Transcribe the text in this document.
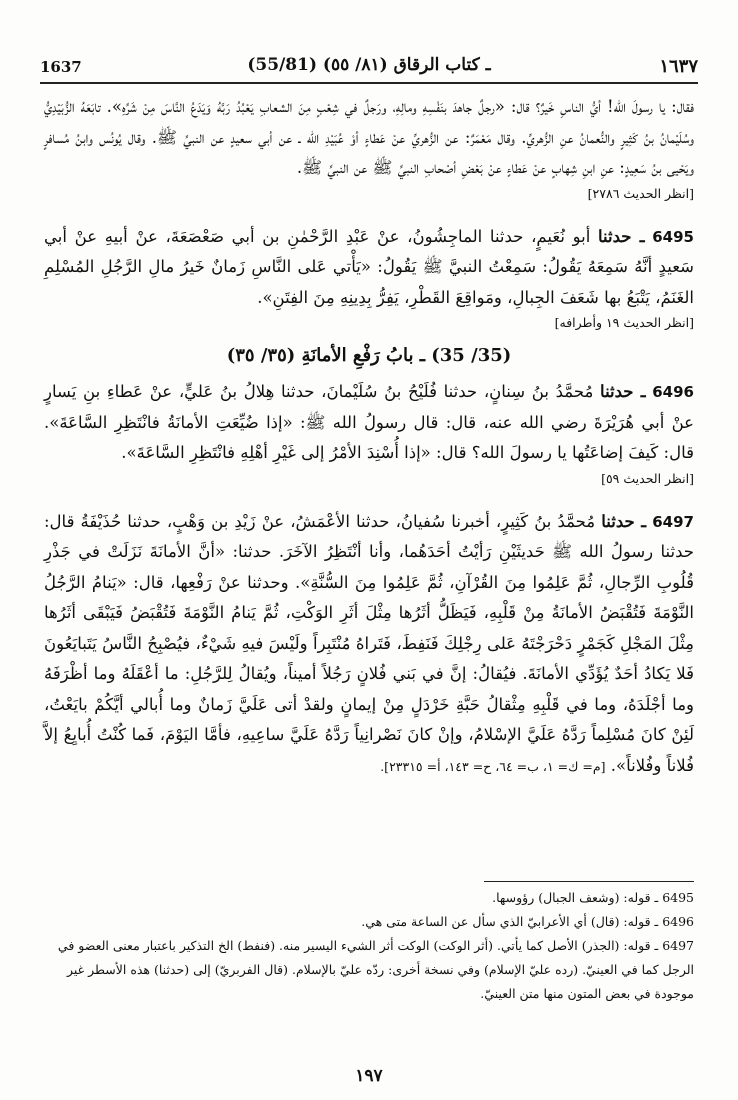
1637	(55/81) ـ كتاب الرقاق (٨١/ ٥٥)	١٦٣٧

فقال: يا رسولَ الله! أيُّ الناسِ خَيرٌ؟ قال: «رجلٌ جاهدَ بنَفْسِهِ ومالِهِ، ورَجلٌ في شِعْبٍ مِنَ الشعابِ يَعْبُدُ رَبَّهُ وَيَدَعُ النَّاسَ مِنْ شَرِّهِ». تابَعَهُ الزُّبَيْدِيُّ وسُلَيْمانُ بنُ كَثِيرٍ والنُّعمانُ عنِ الزُّهريِّ. وقال مَعْمَرٌ: عن الزُّهريِّ عنْ عَطاءٍ أوْ عُبَيْدِ الله ـ عن أبي سعيدٍ عن النبيِّ ﷺ. وقال يُونُس وابنُ مُسافرٍ ويَحْيى بنُ سَعِيدٍ: عنِ ابنِ شِهابٍ عنْ عَطاءٍ عنْ بَعْضِ أصْحابِ النبيِّ ﷺ عن النبيِّ ﷺ.

[انظر الحديث ٢٧٨٦]

6495 ـ حدثنا أبو نُعَيمٍ، حدثنا الماجِشُونُ، عنْ عَبْدِ الرَّحْمٰنِ بن أبي صَعْصَعَةَ، عنْ أبيهِ عنْ أبي سَعيدٍ أنَّهُ سَمِعَهُ يَقُولُ: سَمِعْتُ النبيَّ ﷺ يَقُولُ: «يَأْتي عَلى النَّاسِ زَمانٌ خَيرُ مالِ الرَّجُلِ المُسْلِمِ الغَنَمُ، يَتْبَعُ بها شَعَفَ الجِبالِ، ومَواقِعَ القَطْرِ، يَفِرُّ بِدِينِهِ مِنَ الفِتَنِ».

[انظر الحديث ١٩ وأطرافه]

(35/ 35) ـ بابُ رَفْعِ الأمانَةِ (٣٥/ ٣٥)

6496 ـ حدثنا مُحمَّدُ بنُ سِنانٍ، حدثنا فُلَيْحُ بنُ سُلَيْمانَ، حدثنا هِلالُ بنُ عَليٍّ، عنْ عَطاءِ بنِ يَسارٍ عنْ أبي هُرَيْرَةَ رضي الله عنه، قال: قال رسولُ الله ﷺ: «إذا ضُيِّعَتِ الأمانَةُ فانْتَظِرِ السَّاعَةَ». قال: كَيفَ إضاعَتُها يا رسولَ الله؟ قال: «إذا أُسْنِدَ الأمْرُ إلى غَيْرِ أهْلِهِ فانْتَظِرِ السَّاعَةَ».

[انظر الحديث ٥٩]

6497 ـ حدثنا مُحمَّدُ بنُ كَثِيرٍ، أخبرنا سُفيانُ، حدثنا الأعْمَشُ، عنْ زَيْدِ بن وَهْبٍ، حدثنا حُذَيْفَةُ قال: حدثنا رسولُ الله ﷺ حَديثَيْنِ رَأيْتُ أحَدَهُما، وأنا أنْتَظِرُ الآخَرَ. حدثنا: «أنَّ الأمانَةَ نَزَلَتْ في جَذْرِ قُلُوبِ الرِّجالِ، ثُمَّ عَلِمُوا مِنَ القُرْآنِ، ثُمَّ عَلِمُوا مِنَ السُّنَّةِ». وحدثنا عنْ رَفْعِها، قال: «يَنامُ الرَّجُلُ النَّوْمَةَ فَتُقْبَضُ الأمانَةُ مِنْ قَلْبِهِ، فَيَظَلُّ أثَرُها مِثْلَ أثَرِ الوَكْتِ، ثُمَّ يَنامُ النَّوْمَةَ فَتُقْبَضُ فَيَبْقَى أثَرُها مِثْلَ المَجْلِ كَجَمْرٍ دَحْرَجْتَهُ عَلى رِجْلِكَ فَنَفِطَ، فَتَراهُ مُنْتَبِراً ولَيْسَ فيهِ شَيْءٌ، فيُصْبِحُ النَّاسُ يَتَبايَعُونَ فَلا يَكادُ أحَدٌ يُؤَدِّي الأمانَةَ. فيُقالُ: إنَّ في بَني فُلانٍ رَجُلاً أميناً، ويُقالُ لِلرَّجُلِ: ما أعْقَلَهُ وما أظْرَفَهُ وما أجْلَدَهُ، وما في قَلْبِهِ مِثْقالُ حَبَّةِ خَرْدَلٍ مِنْ إيمانٍ ولقدْ أتى عَلَيَّ زَمانٌ وما أُبالي أيَّكُمْ بايَعْتُ، لَئِنْ كانَ مُسْلِماً رَدَّهُ عَلَيَّ الإسْلامُ، وإنْ كانَ نَصْرانِياً رَدَّهُ عَلَيَّ ساعِيهِ، فأمَّا اليَوْمَ، فَما كُنْتُ أُبايِعُ إلاَّ فُلاناً وفُلاناً». [م= ك= ١، ب= ٦٤، ح= ١٤٣، أ= ٢٣٣١٥].

6495 ـ قوله: (وشعف الجبال) رؤوسها.

6496 ـ قوله: (قال) أي الأعرابيّ الذي سأل عن الساعة متى هي.

6497 ـ قوله: (الجذر) الأصل كما يأتي. (أثر الوكت) الوكت أثر الشيء اليسير منه. (فنفط) الخ التذكير باعتبار معنى العضو في الرجل كما في العينيّ. (رده عليّ الإسلام) وفي نسخة أخرى: ردّه عليّ بالإسلام. (قال الفربريّ) إلى (حدثنا) هذه الأسطر غير موجودة في بعض المتون منها متن العينيّ.

١٩٧
